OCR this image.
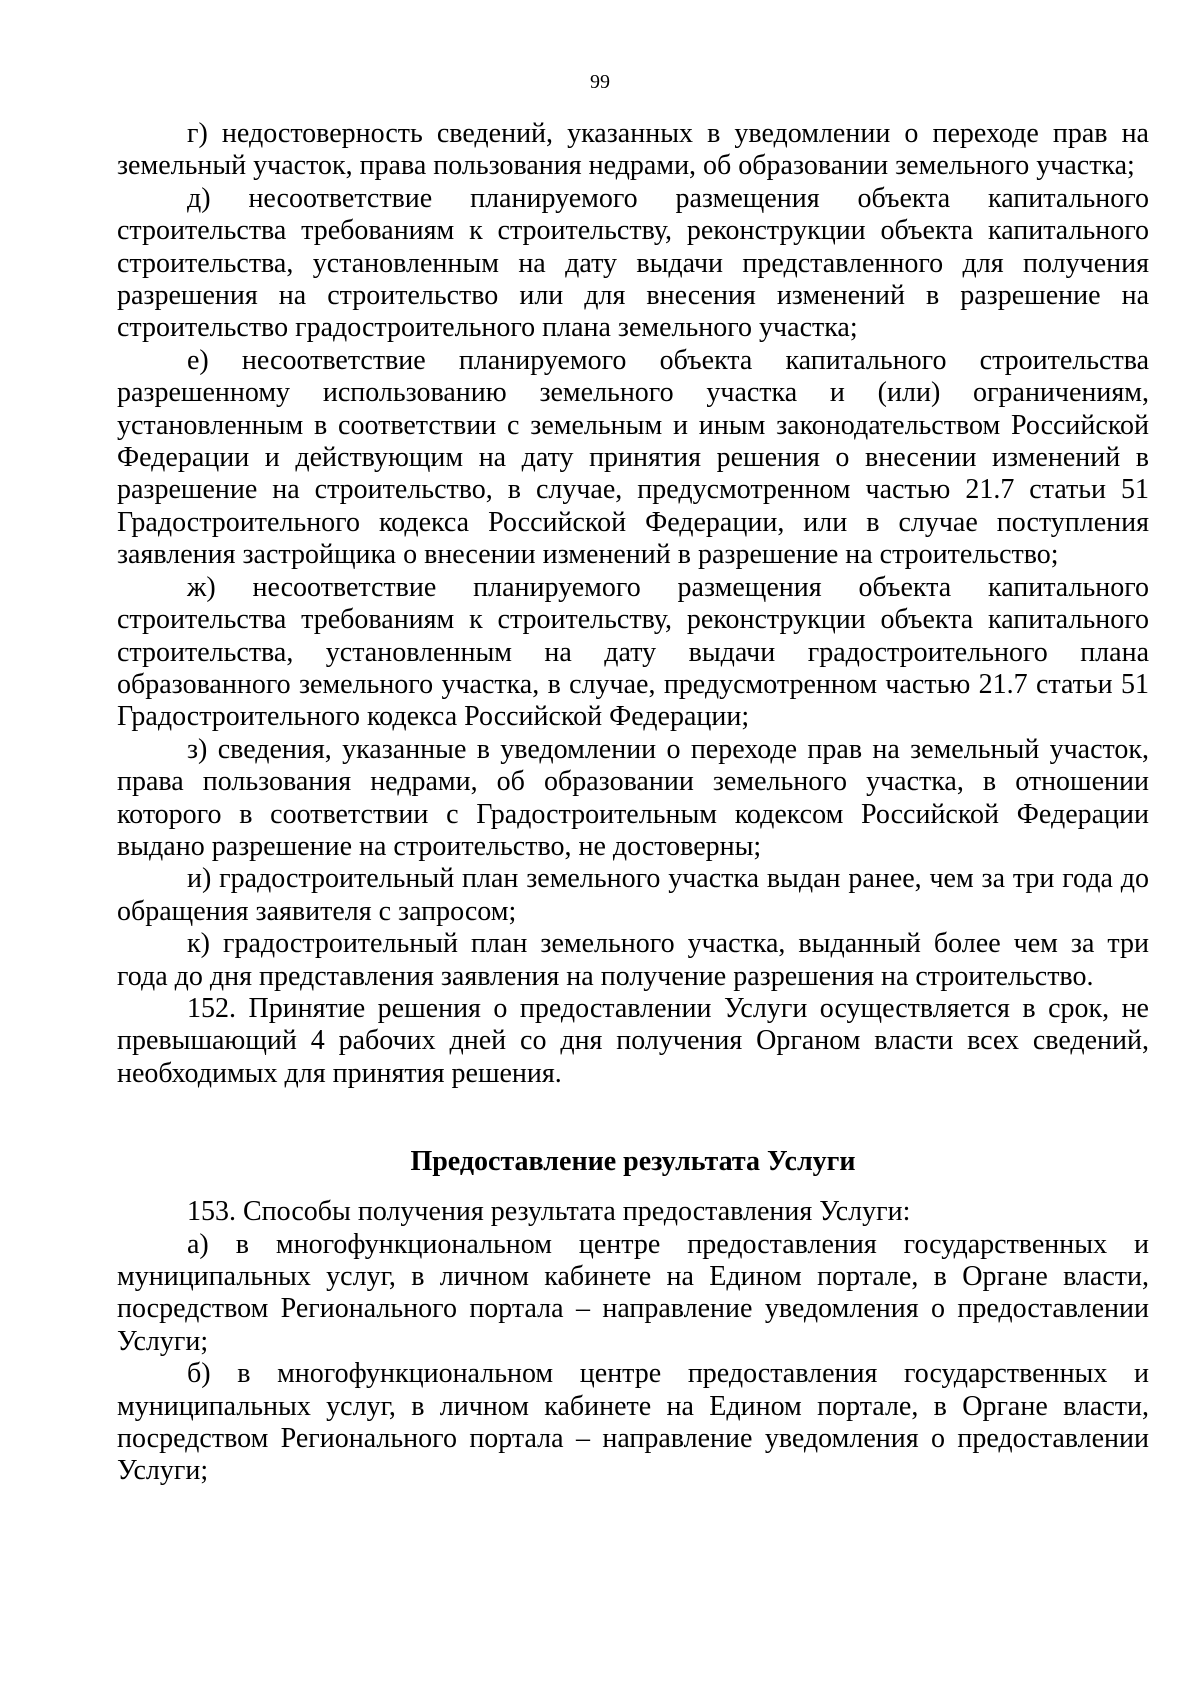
99

г) недостоверность сведений, указанных в уведомлении о переходе прав на земельный участок, права пользования недрами, об образовании земельного участка;

д) несоответствие планируемого размещения объекта капитального строительства требованиям к строительству, реконструкции объекта капитального строительства, установленным на дату выдачи представленного для получения разрешения на строительство или для внесения изменений в разрешение на строительство градостроительного плана земельного участка;

е) несоответствие планируемого объекта капитального строительства разрешенному использованию земельного участка и (или) ограничениям, установленным в соответствии с земельным и иным законодательством Российской Федерации и действующим на дату принятия решения о внесении изменений в разрешение на строительство, в случае, предусмотренном частью 21.7 статьи 51 Градостроительного кодекса Российской Федерации, или в случае поступления заявления застройщика о внесении изменений в разрешение на строительство;

ж) несоответствие планируемого размещения объекта капитального строительства требованиям к строительству, реконструкции объекта капитального строительства, установленным на дату выдачи градостроительного плана образованного земельного участка, в случае, предусмотренном частью 21.7 статьи 51 Градостроительного кодекса Российской Федерации;

з) сведения, указанные в уведомлении о переходе прав на земельный участок, права пользования недрами, об образовании земельного участка, в отношении которого в соответствии с Градостроительным кодексом Российской Федерации выдано разрешение на строительство, не достоверны;

и) градостроительный план земельного участка выдан ранее, чем за три года до обращения заявителя с запросом;

к) градостроительный план земельного участка, выданный более чем за три года до дня представления заявления на получение разрешения на строительство.

152. Принятие решения о предоставлении Услуги осуществляется в срок, не превышающий 4 рабочих дней со дня получения Органом власти всех сведений, необходимых для принятия решения.

Предоставление результата Услуги

153. Способы получения результата предоставления Услуги:

а) в многофункциональном центре предоставления государственных и муниципальных услуг, в личном кабинете на Едином портале, в Органе власти, посредством Регионального портала – направление уведомления о предоставлении Услуги;

б) в многофункциональном центре предоставления государственных и муниципальных услуг, в личном кабинете на Едином портале, в Органе власти, посредством Регионального портала – направление уведомления о предоставлении Услуги;
